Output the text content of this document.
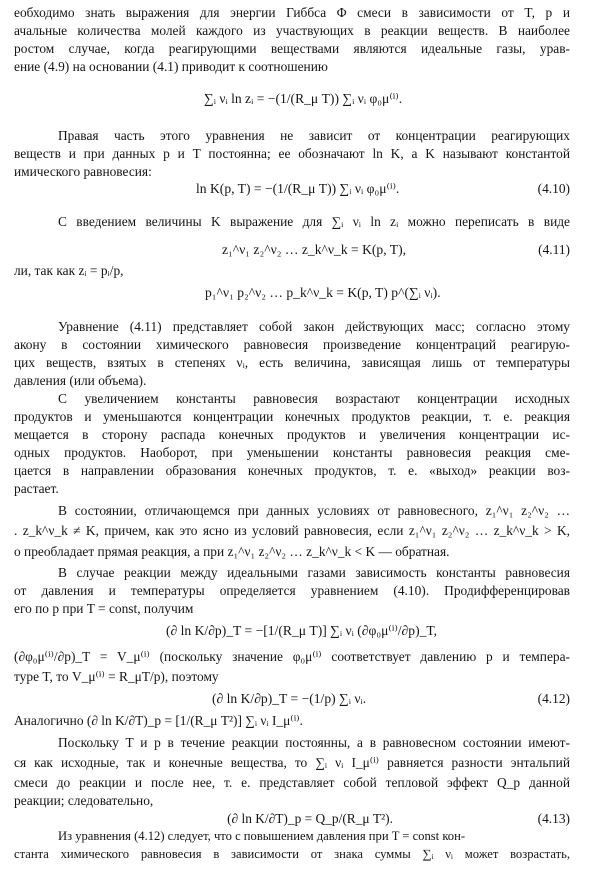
еобходимо знать выражения для энергии Гиббса Φ смеси в зависимости от T, p и
ачальные количества молей каждого из участвующих в реакции веществ. В наиболее
ростом случае, когда реагирующими веществами являются идеальные газы, урав-
ение (4.9) на основании (4.1) приводит к соотношению
∑ᵢ νᵢ ln zᵢ = −(1/(R_μ T)) ∑ᵢ νᵢ φ₀μ⁽ⁱ⁾.
Правая часть этого уравнения не зависит от концентрации реагирующих
веществ и при данных p и T постоянна; ее обозначают ln K, а K называют константой
имического равновесия:
ln K(p, T) = −(1/(R_μ T)) ∑ᵢ νᵢ φ₀μ⁽ⁱ⁾.	(4.10)
С введением величины K выражение для ∑ᵢ νᵢ ln zᵢ можно переписать в виде
z₁^ν₁ z₂^ν₂ … z_k^ν_k = K(p, T),	(4.11)
ли, так как zᵢ = pᵢ/p,
p₁^ν₁ p₂^ν₂ … p_k^ν_k = K(p, T) p^(∑ᵢ νᵢ).
Уравнение (4.11) представляет собой закон действующих масс; согласно этому
акону в состоянии химического равновесия произведение концентраций реагирую-
цих веществ, взятых в степенях νᵢ, есть величина, зависящая лишь от температуры
давления (или объема).
С увеличением константы равновесия возрастают концентрации исходных
продуктов и уменьшаются концентрации конечных продуктов реакции, т. е. реакция
мещается в сторону распада конечных продуктов и увеличения концентрации ис-
одных продуктов. Наоборот, при уменьшении константы равновесия реакция сме-
цается в направлении образования конечных продуктов, т. е. «выход» реакции воз-
растает.
В состоянии, отличающемся при данных условиях от равновесного, z₁^ν₁ z₂^ν₂ …
. z_k^ν_k ≠ K, причем, как это ясно из условий равновесия, если z₁^ν₁ z₂^ν₂ … z_k^ν_k > K,
о преобладает прямая реакция, а при z₁^ν₁ z₂^ν₂ … z_k^ν_k < K — обратная.
В случае реакции между идеальными газами зависимость константы равновесия
от давления и температуры определяется уравнением (4.10). Продифференцировав
его по p при T = const, получим
(∂ ln K/∂p)_T = −[1/(R_μ T)] ∑ᵢ νᵢ (∂φ₀μ⁽ⁱ⁾/∂p)_T,
(∂φ₀μ⁽ⁱ⁾/∂p)_T = V_μ⁽ⁱ⁾ (поскольку значение φ₀μ⁽ⁱ⁾ соответствует давлению p и темпера-
туре T, то V_μ⁽ⁱ⁾ = R_μT/p), поэтому
(∂ ln K/∂p)_T = −(1/p) ∑ᵢ νᵢ.	(4.12)
Аналогично (∂ ln K/∂T)_p = [1/(R_μ T²)] ∑ᵢ νᵢ I_μ⁽ⁱ⁾.
Поскольку T и p в течение реакции постоянны, а в равновесном состоянии имеют-
ся как исходные, так и конечные вещества, то ∑ᵢ νᵢ I_μ⁽ⁱ⁾ равняется разности энтальпий
смеси до реакции и после нее, т. е. представляет собой тепловой эффект Q_p данной
реакции; следовательно,
(∂ ln K/∂T)_p = Q_p/(R_μ T²).	(4.13)
Из уравнения (4.12) следует, что с повышением давления при T = const кон-
станта химического равновесия в зависимости от знака суммы ∑ᵢ νᵢ может возрастать,
